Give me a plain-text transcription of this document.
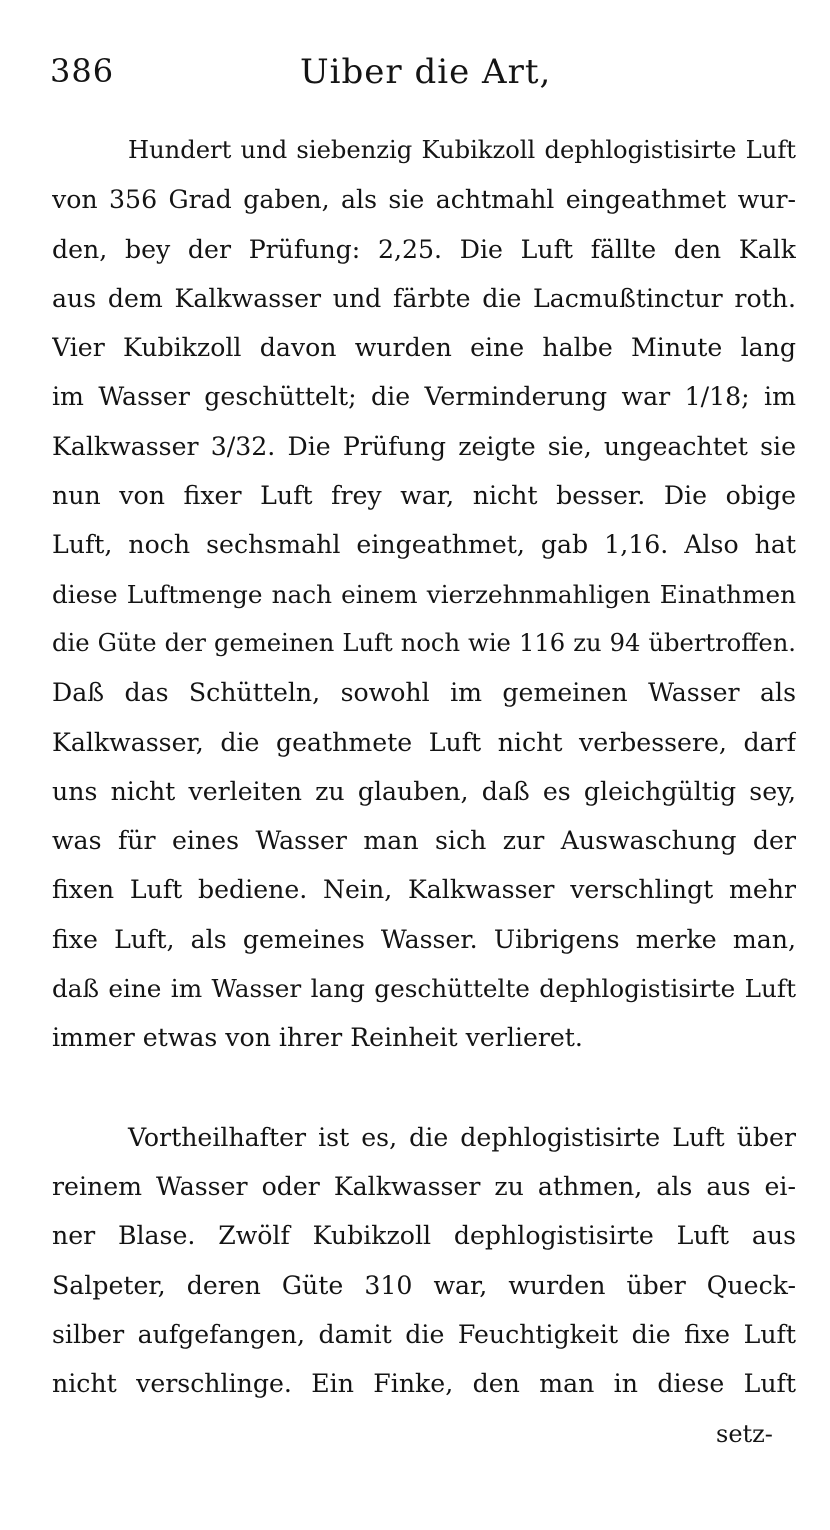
386	Uiber die Art,
Hundert und siebenzig Kubikzoll dephlogistisirte Luft
von 356 Grad gaben, als sie achtmahl eingeathmet wur-
den, bey der Prüfung: 2,25. Die Luft fällte den Kalk
aus dem Kalkwasser und färbte die Lacmußtinctur roth.
Vier Kubikzoll davon wurden eine halbe Minute lang
im Wasser geschüttelt; die Verminderung war 1/18; im
Kalkwasser 3/32. Die Prüfung zeigte sie, ungeachtet sie
nun von fixer Luft frey war, nicht besser. Die obige
Luft, noch sechsmahl eingeathmet, gab 1,16. Also hat
diese Luftmenge nach einem vierzehnmahligen Einathmen
die Güte der gemeinen Luft noch wie 116 zu 94 übertroffen.
Daß das Schütteln, sowohl im gemeinen Wasser als
Kalkwasser, die geathmete Luft nicht verbessere, darf
uns nicht verleiten zu glauben, daß es gleichgültig sey,
was für eines Wasser man sich zur Auswaschung der
fixen Luft bediene. Nein, Kalkwasser verschlingt mehr
fixe Luft, als gemeines Wasser. Uibrigens merke man,
daß eine im Wasser lang geschüttelte dephlogistisirte Luft
immer etwas von ihrer Reinheit verlieret.
Vortheilhafter ist es, die dephlogistisirte Luft über
reinem Wasser oder Kalkwasser zu athmen, als aus ei-
ner Blase. Zwölf Kubikzoll dephlogistisirte Luft aus
Salpeter, deren Güte 310 war, wurden über Queck-
silber aufgefangen, damit die Feuchtigkeit die fixe Luft
nicht verschlinge. Ein Finke, den man in diese Luft
setz-
